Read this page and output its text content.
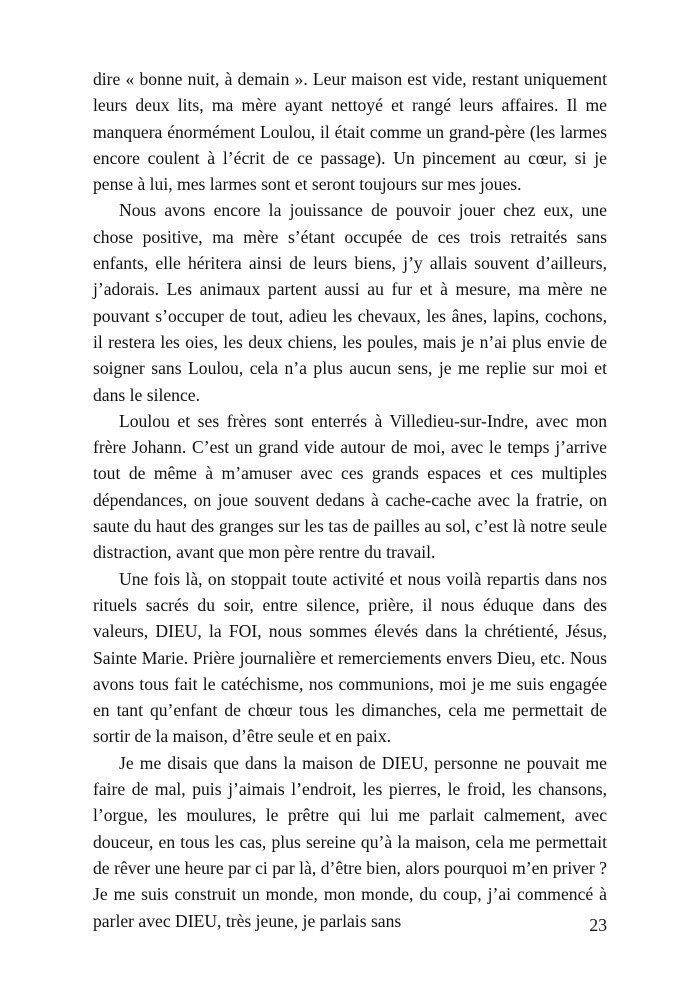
dire « bonne nuit, à demain ». Leur maison est vide, restant uniquement leurs deux lits, ma mère ayant nettoyé et rangé leurs affaires. Il me manquera énormément Loulou, il était comme un grand-père (les larmes encore coulent à l’écrit de ce passage). Un pincement au cœur, si je pense à lui, mes larmes sont et seront toujours sur mes joues.

Nous avons encore la jouissance de pouvoir jouer chez eux, une chose positive, ma mère s’étant occupée de ces trois retraités sans enfants, elle héritera ainsi de leurs biens, j’y allais souvent d’ailleurs, j’adorais. Les animaux partent aussi au fur et à mesure, ma mère ne pouvant s’occuper de tout, adieu les chevaux, les ânes, lapins, cochons, il restera les oies, les deux chiens, les poules, mais je n’ai plus envie de soigner sans Loulou, cela n’a plus aucun sens, je me replie sur moi et dans le silence.

Loulou et ses frères sont enterrés à Villedieu-sur-Indre, avec mon frère Johann. C’est un grand vide autour de moi, avec le temps j’arrive tout de même à m’amuser avec ces grands espaces et ces multiples dépendances, on joue souvent dedans à cache-cache avec la fratrie, on saute du haut des granges sur les tas de pailles au sol, c’est là notre seule distraction, avant que mon père rentre du travail.

Une fois là, on stoppait toute activité et nous voilà repartis dans nos rituels sacrés du soir, entre silence, prière, il nous éduque dans des valeurs, DIEU, la FOI, nous sommes élevés dans la chrétienté, Jésus, Sainte Marie. Prière journalière et remerciements envers Dieu, etc. Nous avons tous fait le catéchisme, nos communions, moi je me suis engagée en tant qu’enfant de chœur tous les dimanches, cela me permettait de sortir de la maison, d’être seule et en paix.

Je me disais que dans la maison de DIEU, personne ne pouvait me faire de mal, puis j’aimais l’endroit, les pierres, le froid, les chansons, l’orgue, les moulures, le prêtre qui lui me parlait calmement, avec douceur, en tous les cas, plus sereine qu’à la maison, cela me permettait de rêver une heure par ci par là, d’être bien, alors pourquoi m’en priver ? Je me suis construit un monde, mon monde, du coup, j’ai commencé à parler avec DIEU, très jeune, je parlais sans	23
